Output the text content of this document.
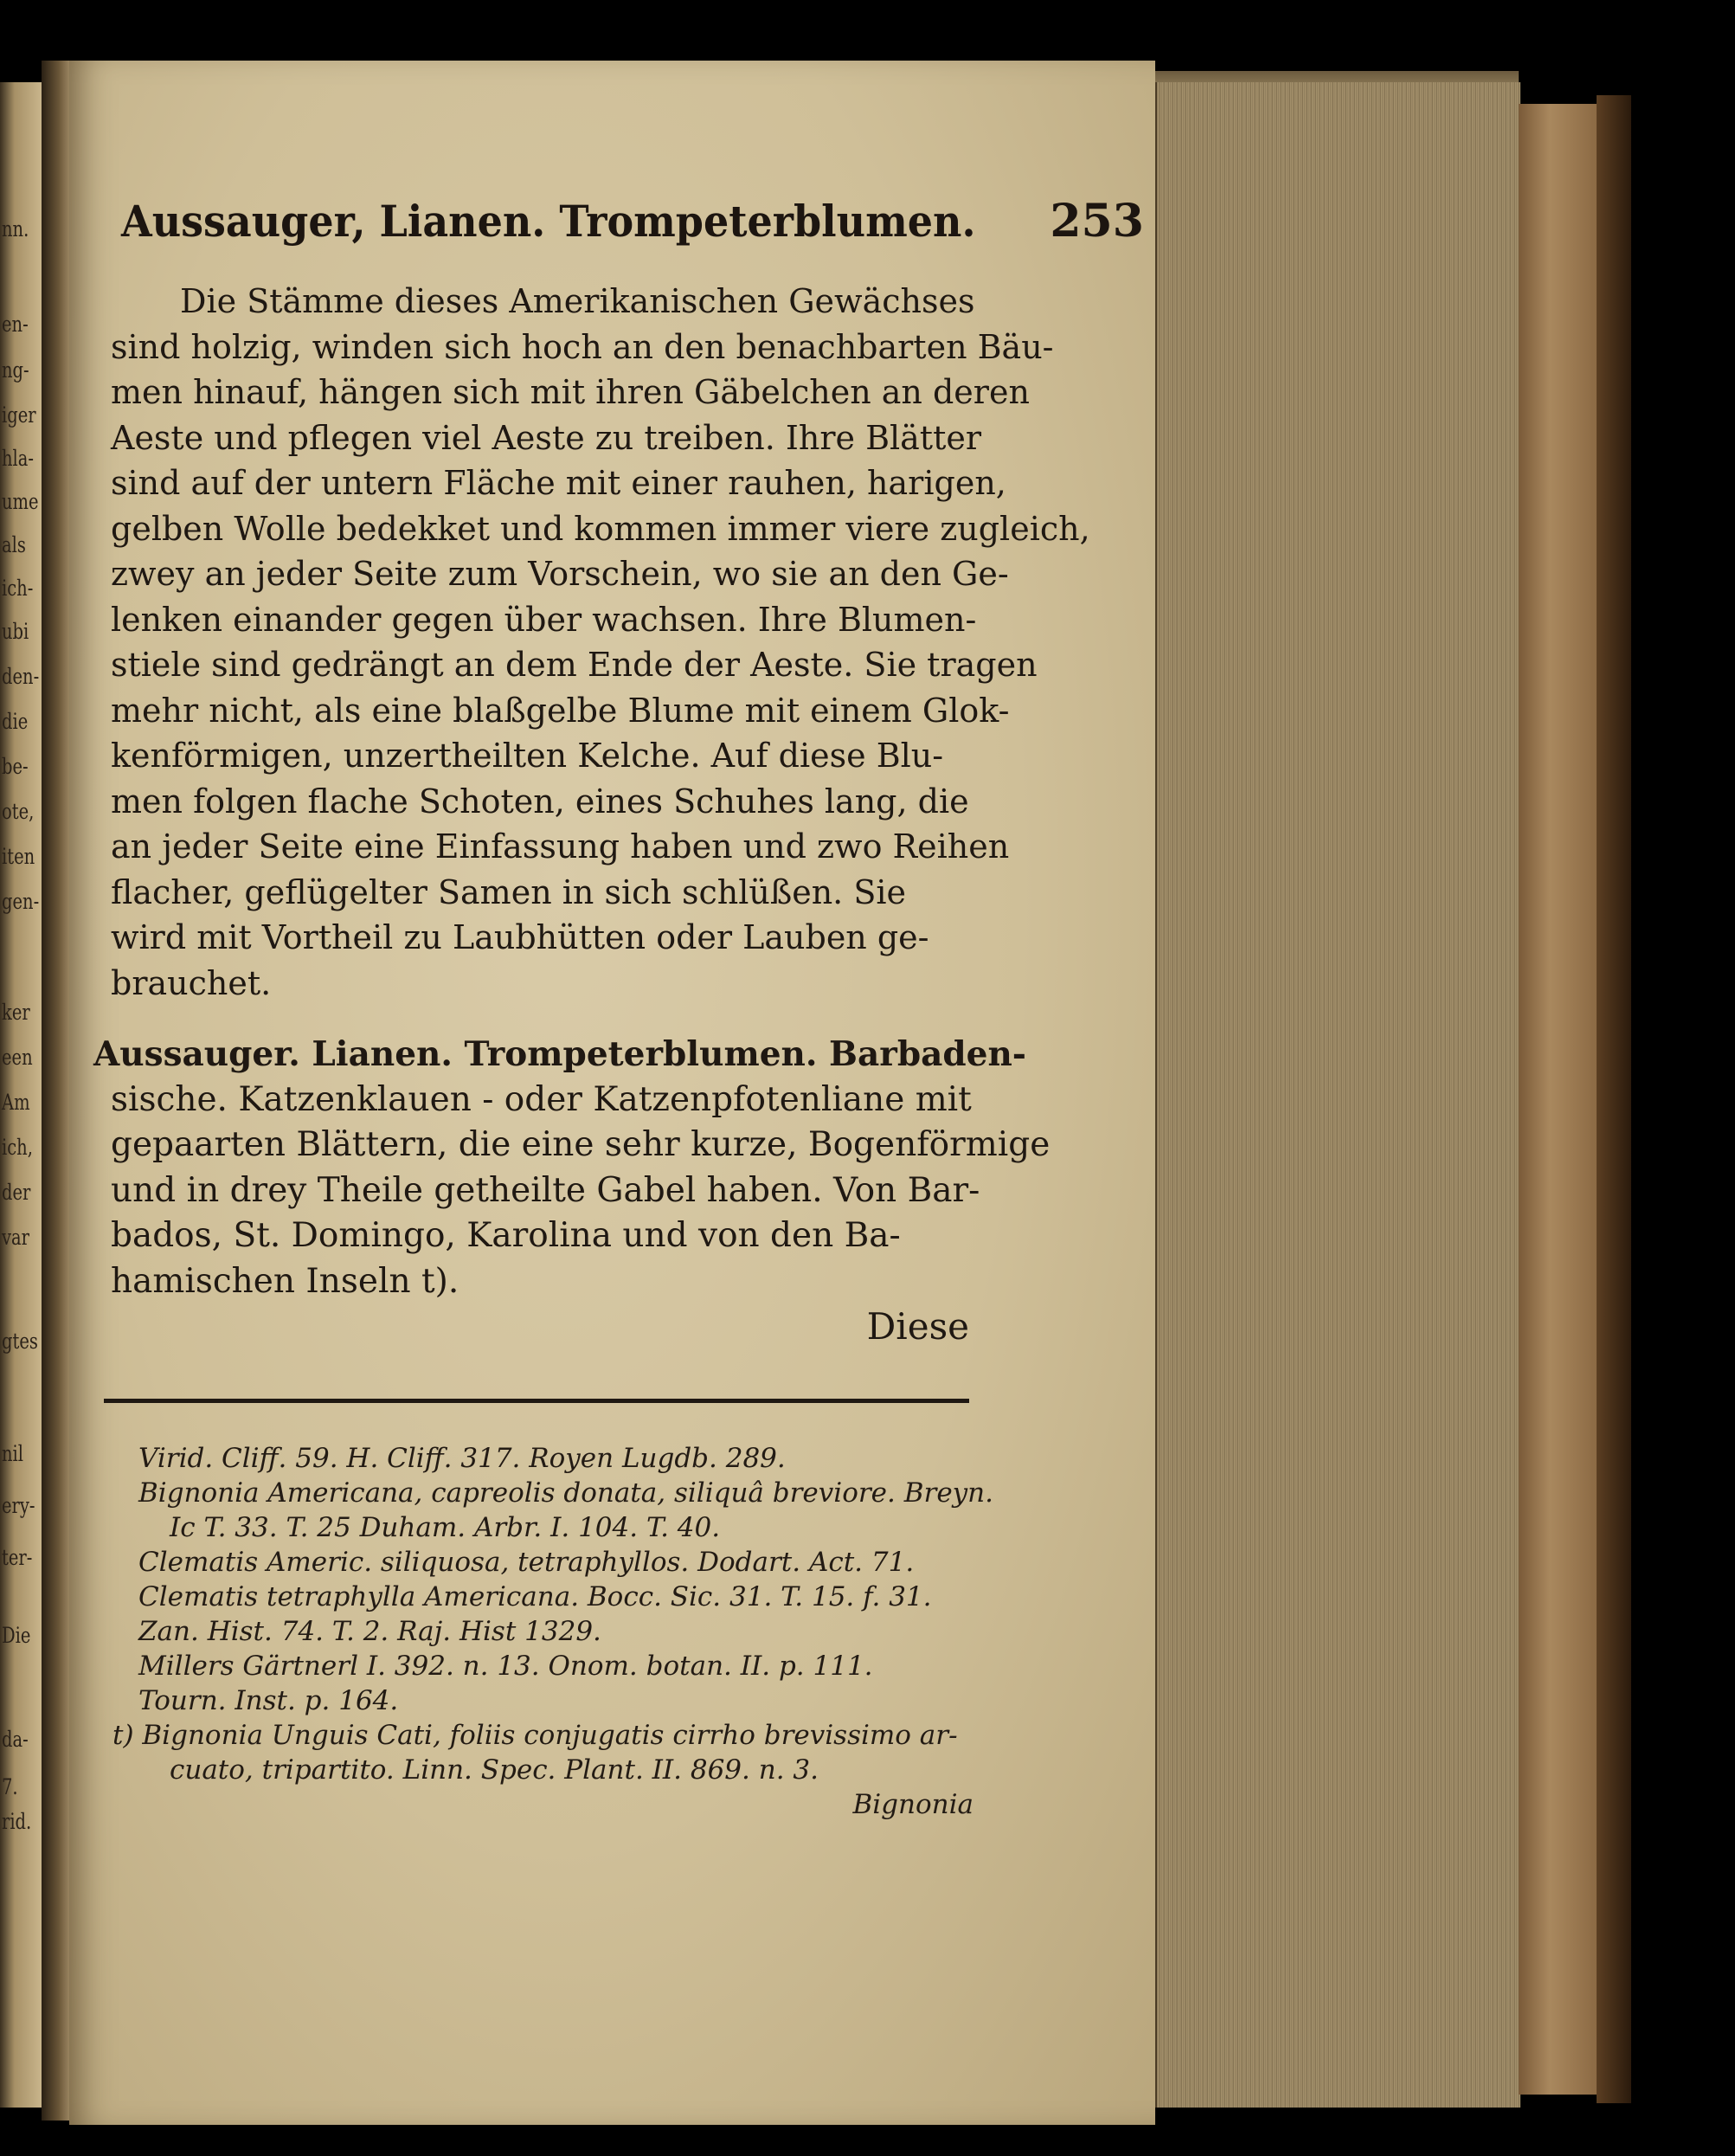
nn.
en-
ng-
iger
hla-
ume
als
ich-
ubi
den-
die
be-
ote,
iten
gen-
ker
een
Am
ich,
der
var
gtes
nil
ery-
ter-
Die
da-
7.
rid.
Aussauger, Lianen. Trompeterblumen. 253
Die Stämme dieses Amerikanischen Gewächses
sind holzig, winden sich hoch an den benachbarten Bäu-
men hinauf, hängen sich mit ihren Gäbelchen an deren
Aeste und pflegen viel Aeste zu treiben. Ihre Blätter
sind auf der untern Fläche mit einer rauhen, harigen,
gelben Wolle bedekket und kommen immer viere zugleich,
zwey an jeder Seite zum Vorschein, wo sie an den Ge-
lenken einander gegen über wachsen. Ihre Blumen-
stiele sind gedrängt an dem Ende der Aeste. Sie tragen
mehr nicht, als eine blaßgelbe Blume mit einem Glok-
kenförmigen, unzertheilten Kelche. Auf diese Blu-
men folgen flache Schoten, eines Schuhes lang, die
an jeder Seite eine Einfassung haben und zwo Reihen
flacher, geflügelter Samen in sich schlüßen. Sie
wird mit Vortheil zu Laubhütten oder Lauben ge-
brauchet.
Aussauger. Lianen. Trompeterblumen. Barbaden-
sische. Katzenklauen - oder Katzenpfotenliane mit
gepaarten Blättern, die eine sehr kurze, Bogenförmige
und in drey Theile getheilte Gabel haben. Von Bar-
bados, St. Domingo, Karolina und von den Ba-
hamischen Inseln t).
Diese
Virid. Cliff. 59. H. Cliff. 317. Royen Lugdb. 289.
Bignonia Americana, capreolis donata, siliquâ breviore. Breyn.
Ic T. 33. T. 25 Duham. Arbr. I. 104. T. 40.
Clematis Americ. siliquosa, tetraphyllos. Dodart. Act. 71.
Clematis tetraphylla Americana. Bocc. Sic. 31. T. 15. f. 31.
Zan. Hist. 74. T. 2. Raj. Hist 1329.
Millers Gärtnerl I. 392. n. 13. Onom. botan. II. p. 111.
Tourn. Inst. p. 164.
t) Bignonia Unguis Cati, foliis conjugatis cirrho brevissimo ar-
cuato, tripartito. Linn. Spec. Plant. II. 869. n. 3.
Bignonia
